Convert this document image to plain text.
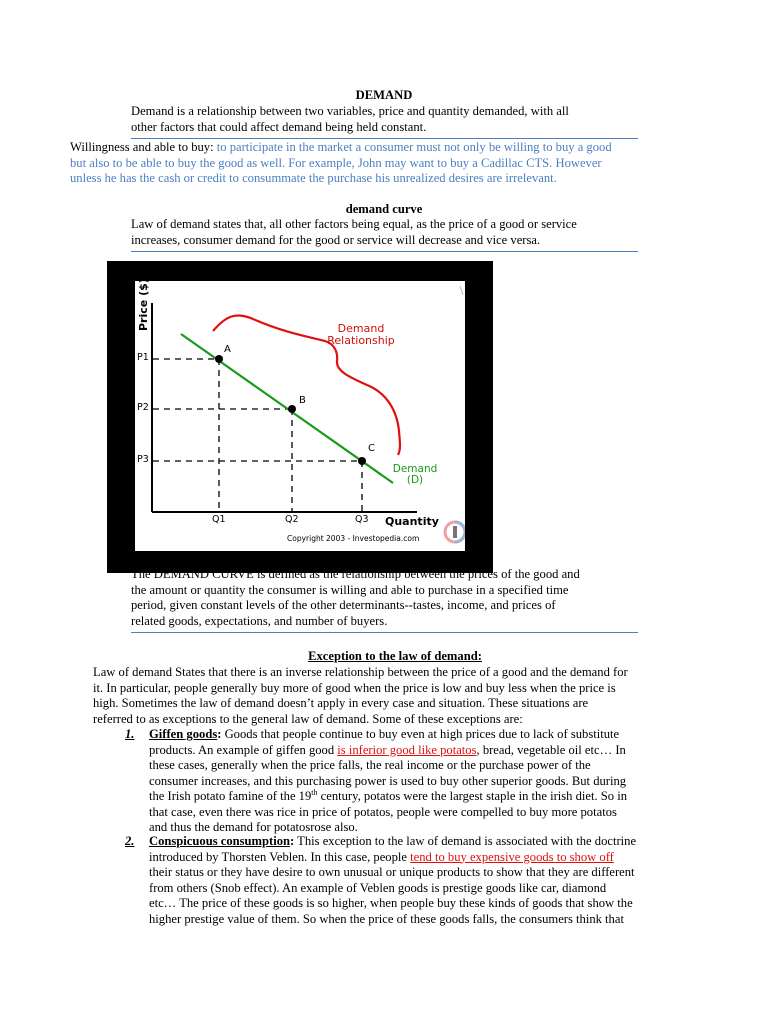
DEMAND
Demand is a relationship between two variables, price and quantity demanded, with all
other factors that could affect demand being held constant.
Willingness and able to buy: to participate in the market a consumer must not only be willing to buy a good
but also to be able to buy the good as well. For example, John may want to buy a Cadillac CTS. However
unless he has the cash or credit to consummate the purchase his unrealized desires are irrelevant.
demand curve
Law of demand states that, all other factors being equal, as the price of a good or service
increases, consumer demand for the good or service will decrease and vice versa.
Price ($)
P1
P2
P3
Q1	Q2	Q3 Quantity
A
B
C
Demand
Relationship
Demand
(D)
Copyright 2003 - Investopedia.com
The DEMAND CURVE is defined as the relationship between the prices of the good and
the amount or quantity the consumer is willing and able to purchase in a specified time
period, given constant levels of the other determinants--tastes, income, and prices of
related goods, expectations, and number of buyers.
Exception to the law of demand:
Law of demand States that there is an inverse relationship between the price of a good and the demand for
it. In particular, people generally buy more of good when the price is low and buy less when the price is
high. Sometimes the law of demand doesn’t apply in every case and situation. These situations are
referred to as exceptions to the general law of demand. Some of these exceptions are:
1. Giffen goods: Goods that people continue to buy even at high prices due to lack of substitute
products. An example of giffen good is inferior good like potatos, bread, vegetable oil etc… In
these cases, generally when the price falls, the real income or the purchase power of the
consumer increases, and this purchasing power is used to buy other superior goods. But during
the Irish potato famine of the 19th century, potatos were the largest staple in the irish diet. So in
that case, even there was rice in price of potatos, people were compelled to buy more potatos
and thus the demand for potatosrose also.
2. Conspicuous consumption: This exception to the law of demand is associated with the doctrine
introduced by Thorsten Veblen. In this case, people tend to buy expensive goods to show off
their status or they have desire to own unusual or unique products to show that they are different
from others (Snob effect). An example of Veblen goods is prestige goods like car, diamond
etc… The price of these goods is so higher, when people buy these kinds of goods that show the
higher prestige value of them. So when the price of these goods falls, the consumers think that
